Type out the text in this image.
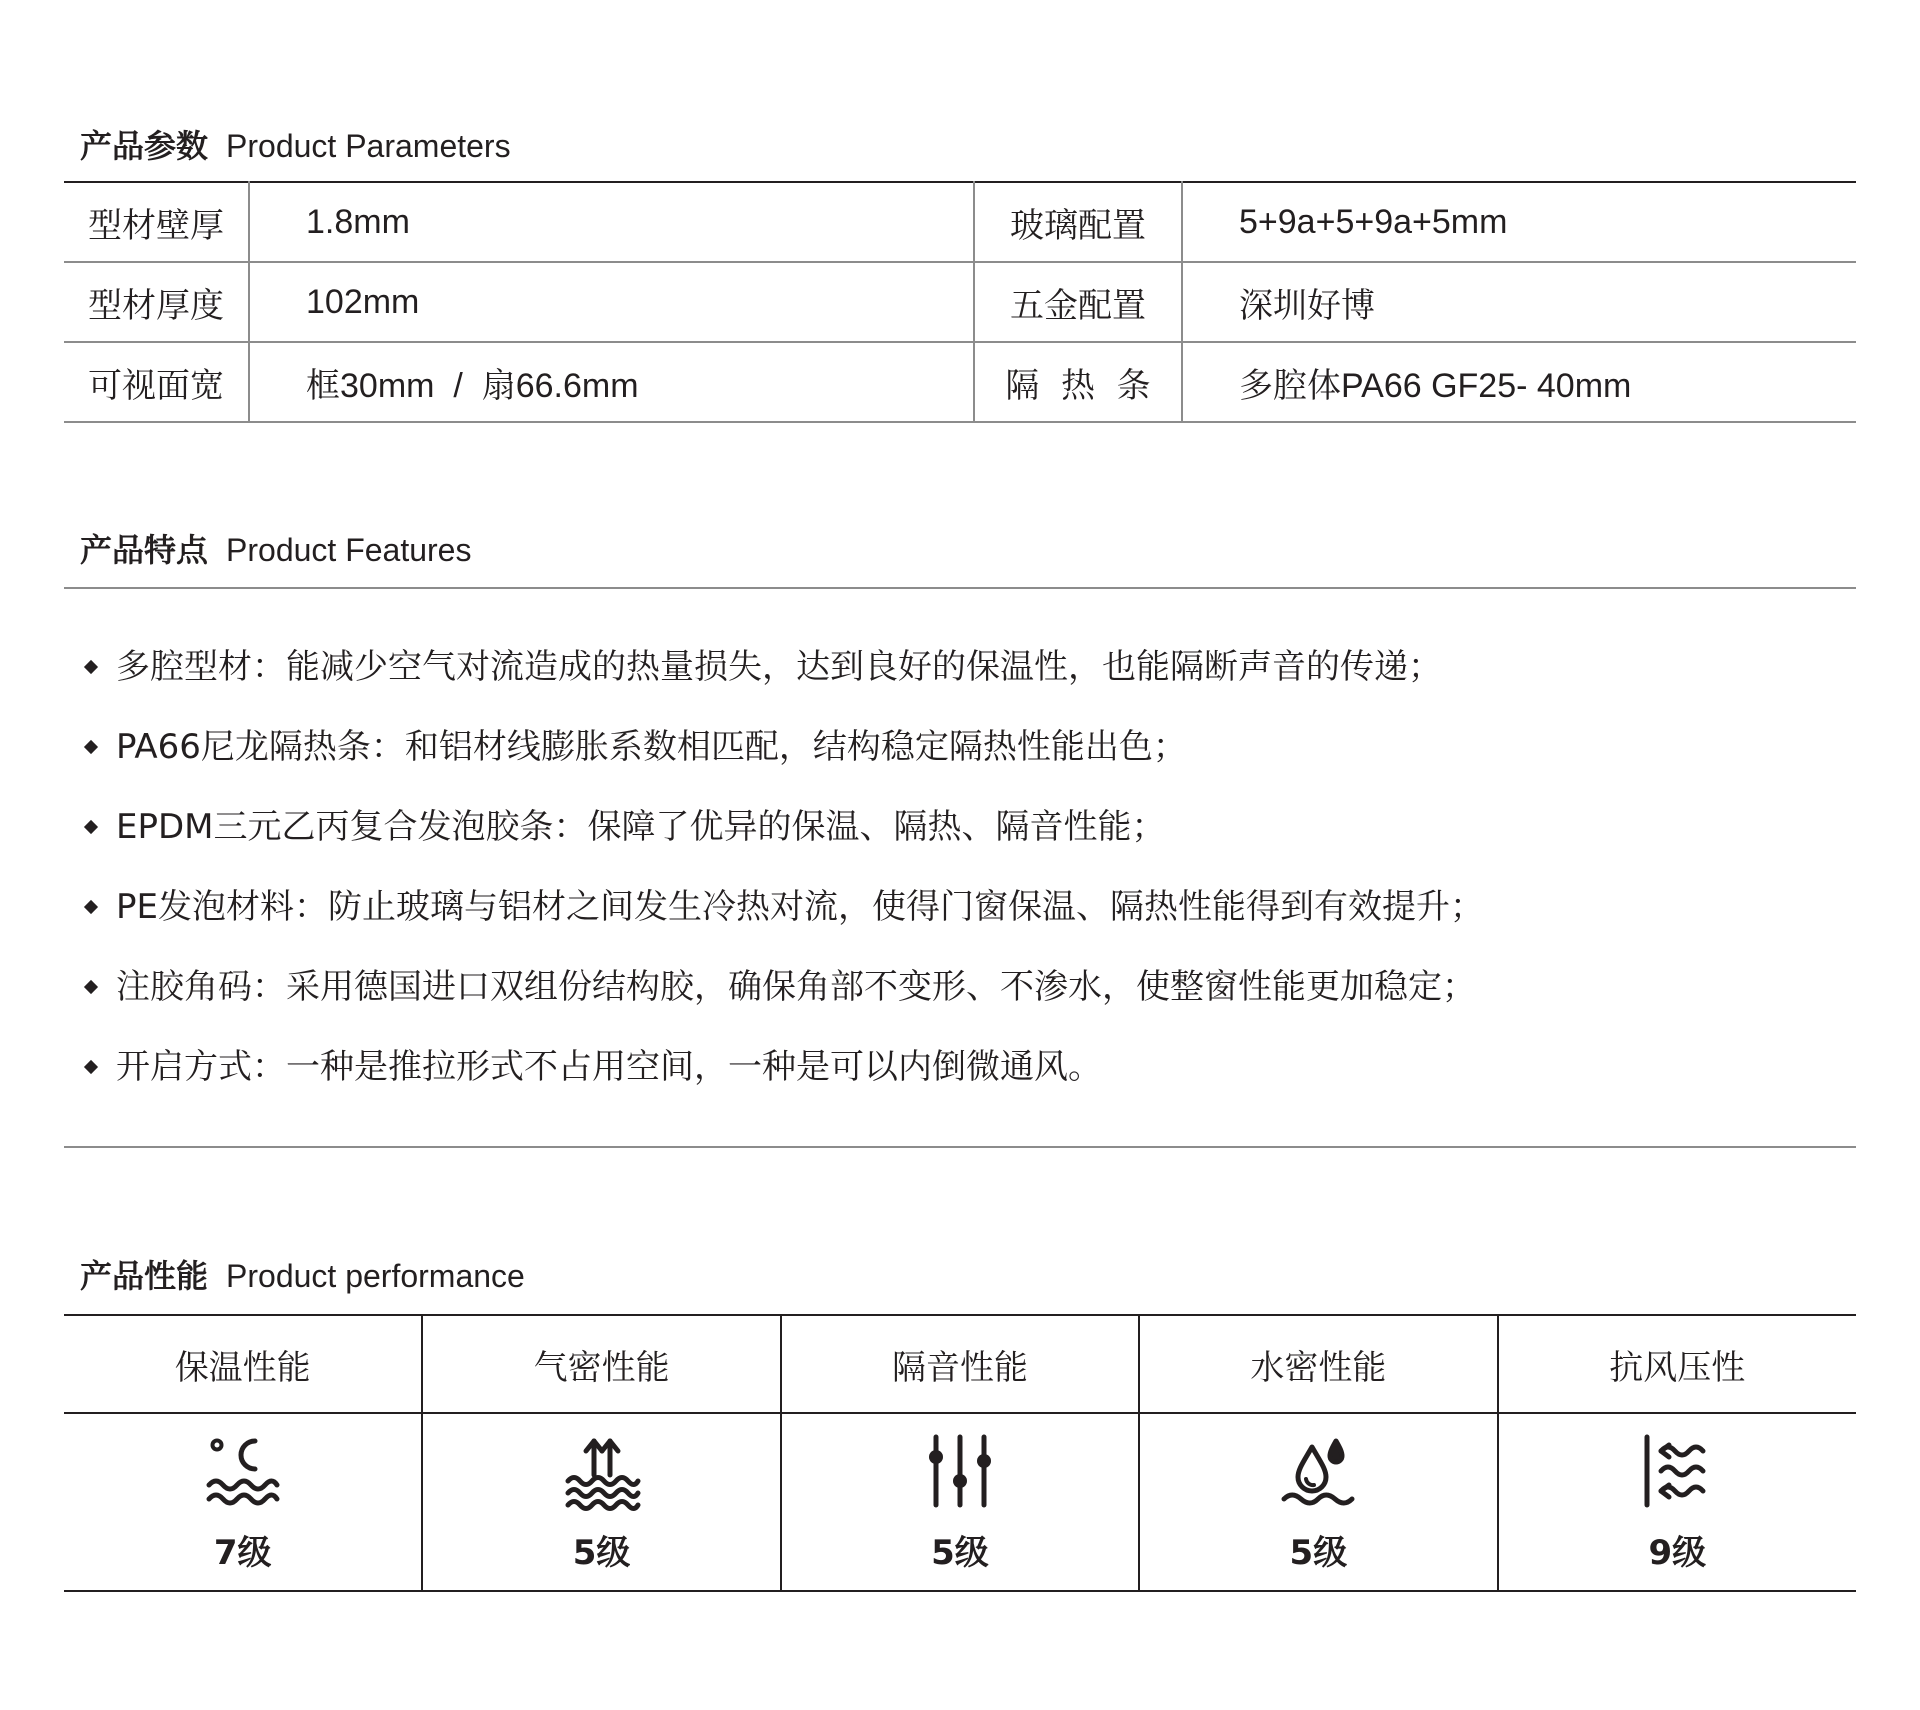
产品参数 Product Parameters
型材壁厚	1.8mm	玻璃配置	5+9a+5+9a+5mm
型材厚度	102mm	五金配置	深圳好博
可视面宽	框30mm  /  扇66.6mm	隔  热  条	多腔体PA66 GF25- 40mm
产品特点 Product Features
多腔型材：能减少空气对流造成的热量损失，达到良好的保温性，也能隔断声音的传递；
PA66尼龙隔热条：和铝材线膨胀系数相匹配，结构稳定隔热性能出色；
EPDM三元乙丙复合发泡胶条：保障了优异的保温、隔热、隔音性能；
PE发泡材料：防止玻璃与铝材之间发生冷热对流，使得门窗保温、隔热性能得到有效提升；
注胶角码：采用德国进口双组份结构胶，确保角部不变形、不渗水，使整窗性能更加稳定；
开启方式：一种是推拉形式不占用空间，一种是可以内倒微通风。
产品性能 Product performance
保温性能	气密性能	隔音性能	水密性能	抗风压性

7级	5级	5级	5级	9级
